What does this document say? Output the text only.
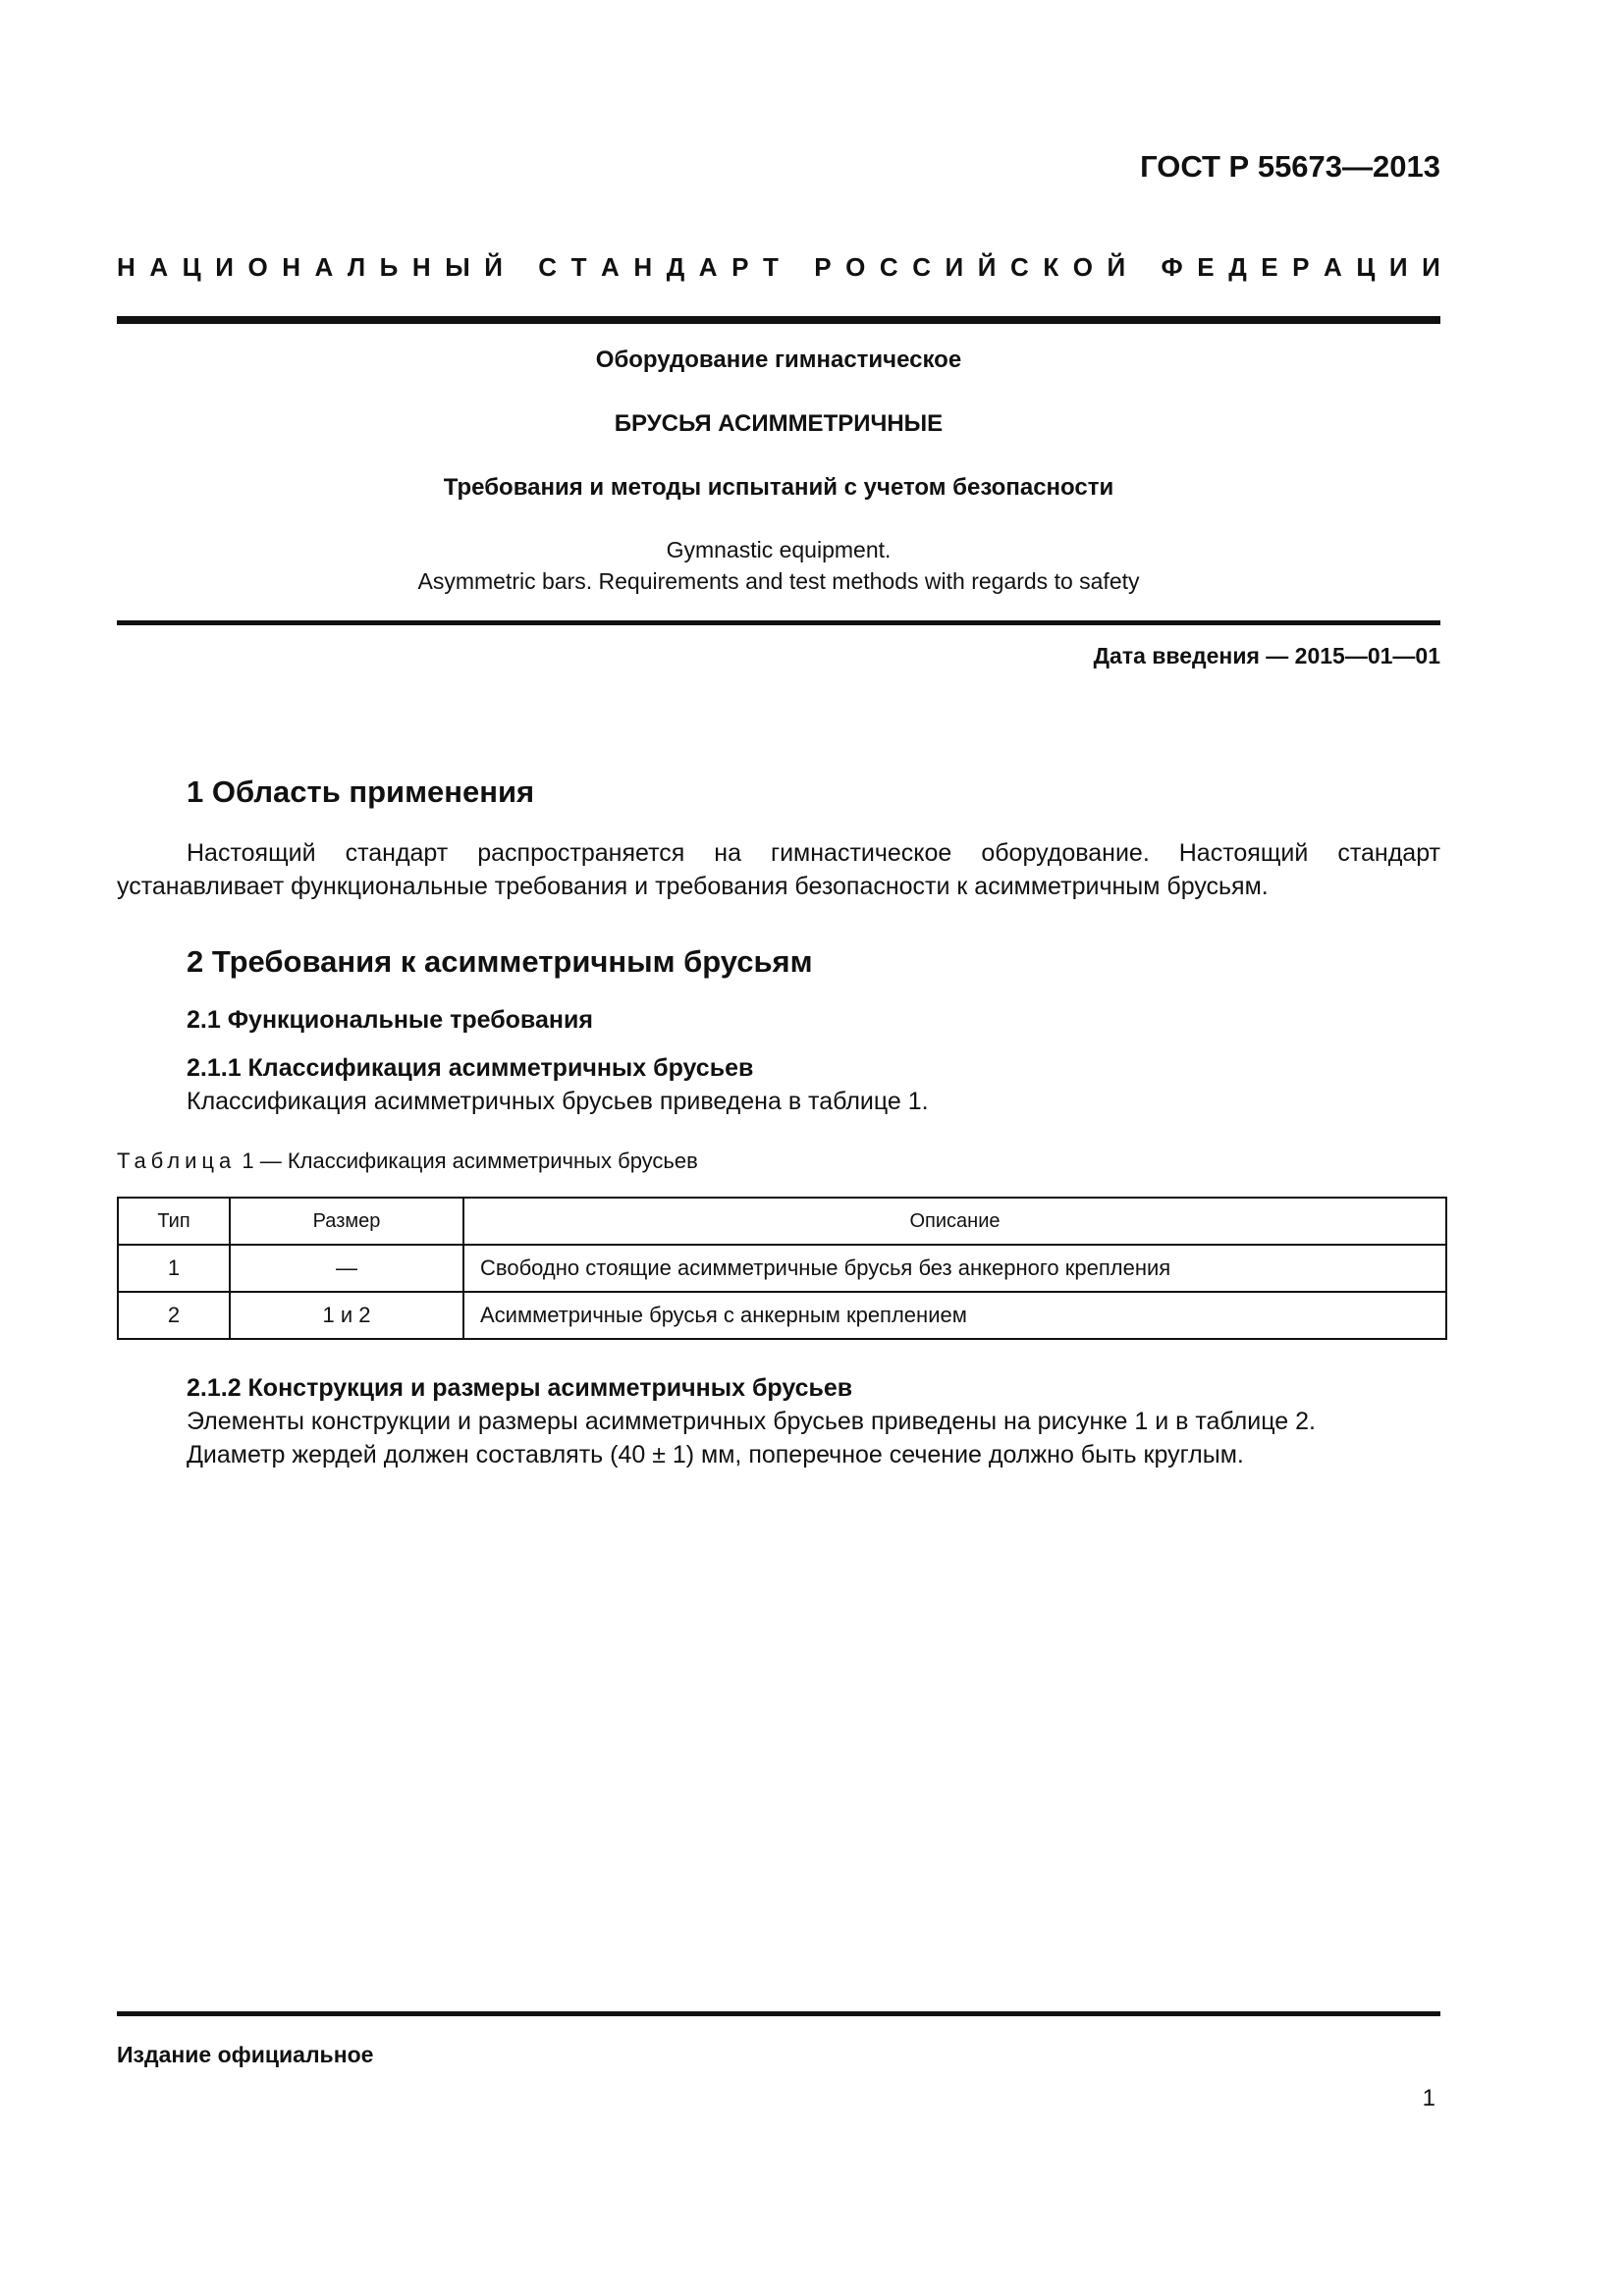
ГОСТ Р 55673—2013
Н А Ц И О Н А Л Ь Н Ы Й
С Т А Н Д А Р Т
Р О С С И Й С К О Й
Ф Е Д Е Р А Ц И И
Оборудование гимнастическое
БРУСЬЯ АСИММЕТРИЧНЫЕ
Требования и методы испытаний с учетом безопасности
Gymnastic equipment.
Asymmetric bars. Requirements and test methods with regards to safety
Дата введения — 2015—01—01
1 Область применения
Настоящий стандарт распространяется на гимнастическое оборудование. Настоящий стандарт устанавливает функциональные требования и требования безопасности к асимметричным брусьям.
2 Требования к асимметричным брусьям
2.1 Функциональные требования
2.1.1 Классификация асимметричных брусьев
Классификация асимметричных брусьев приведена в таблице 1.
Таблица 1 — Классификация асимметричных брусьев
Тип	Размер	Описание
1	—	Свободно стоящие асимметричные брусья без анкерного крепления
2	1 и 2	Асимметричные брусья с анкерным креплением
2.1.2 Конструкция и размеры асимметричных брусьев
Элементы конструкции и размеры асимметричных брусьев приведены на рисунке 1 и в таблице 2.
Диаметр жердей должен составлять (40 ± 1) мм, поперечное сечение должно быть круглым.
Издание официальное
1
